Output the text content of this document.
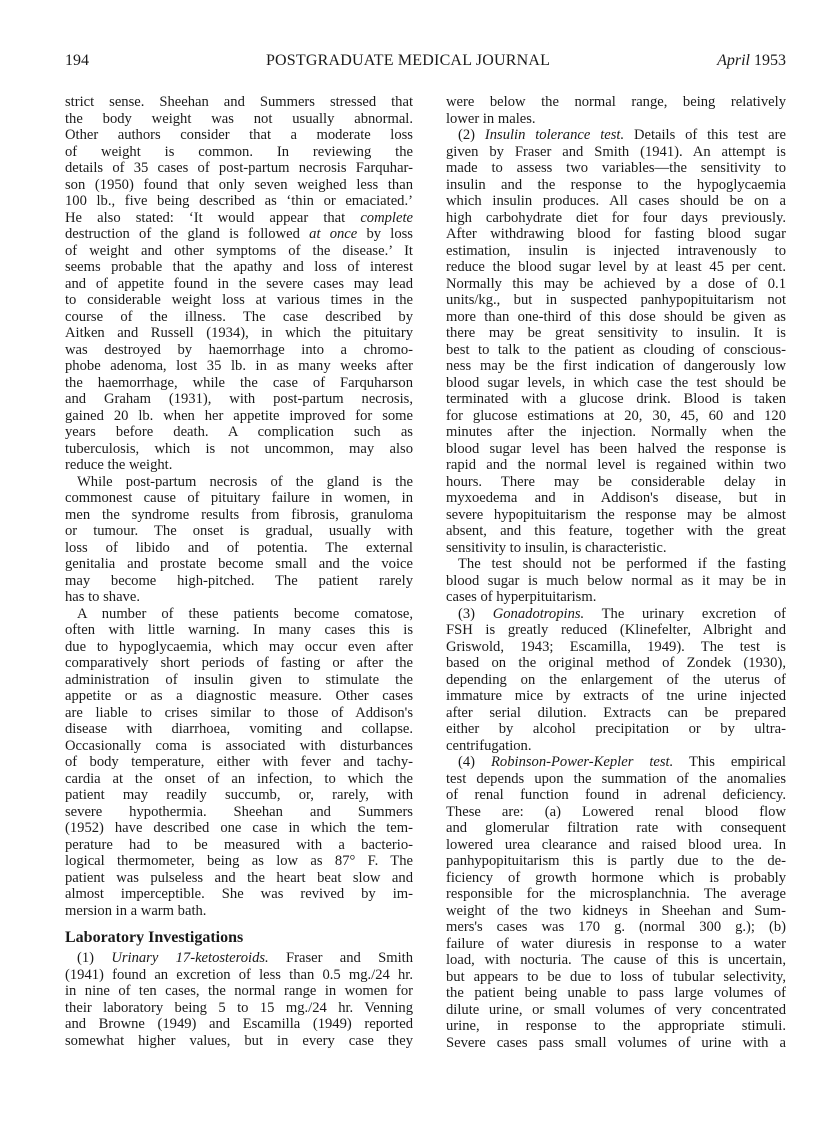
194	POSTGRADUATE MEDICAL JOURNAL	April 1953
strict sense. Sheehan and Summers stressed that
the body weight was not usually abnormal.
Other authors consider that a moderate loss
of weight is common. In reviewing the
details of 35 cases of post-partum necrosis Farquhar-
son (1950) found that only seven weighed less than
100 lb., five being described as ‘thin or emaciated.’
He also stated: ‘It would appear that complete
destruction of the gland is followed at once by loss
of weight and other symptoms of the disease.’ It
seems probable that the apathy and loss of interest
and of appetite found in the severe cases may lead
to considerable weight loss at various times in the
course of the illness. The case described by
Aitken and Russell (1934), in which the pituitary
was destroyed by haemorrhage into a chromo-
phobe adenoma, lost 35 lb. in as many weeks after
the haemorrhage, while the case of Farquharson
and Graham (1931), with post-partum necrosis,
gained 20 lb. when her appetite improved for some
years before death. A complication such as
tuberculosis, which is not uncommon, may also
reduce the weight.
While post-partum necrosis of the gland is the
commonest cause of pituitary failure in women, in
men the syndrome results from fibrosis, granuloma
or tumour. The onset is gradual, usually with
loss of libido and of potentia. The external
genitalia and prostate become small and the voice
may become high-pitched. The patient rarely
has to shave.
A number of these patients become comatose,
often with little warning. In many cases this is
due to hypoglycaemia, which may occur even after
comparatively short periods of fasting or after the
administration of insulin given to stimulate the
appetite or as a diagnostic measure. Other cases
are liable to crises similar to those of Addison's
disease with diarrhoea, vomiting and collapse.
Occasionally coma is associated with disturbances
of body temperature, either with fever and tachy-
cardia at the onset of an infection, to which the
patient may readily succumb, or, rarely, with
severe hypothermia. Sheehan and Summers
(1952) have described one case in which the tem-
perature had to be measured with a bacterio-
logical thermometer, being as low as 87° F. The
patient was pulseless and the heart beat slow and
almost imperceptible. She was revived by im-
mersion in a warm bath.
Laboratory Investigations
(1) Urinary 17-ketosteroids. Fraser and Smith
(1941) found an excretion of less than 0.5 mg./24 hr.
in nine of ten cases, the normal range in women for
their laboratory being 5 to 15 mg./24 hr. Venning
and Browne (1949) and Escamilla (1949) reported
somewhat higher values, but in every case they
were below the normal range, being relatively
lower in males.
(2) Insulin tolerance test. Details of this test are
given by Fraser and Smith (1941). An attempt is
made to assess two variables—the sensitivity to
insulin and the response to the hypoglycaemia
which insulin produces. All cases should be on a
high carbohydrate diet for four days previously.
After withdrawing blood for fasting blood sugar
estimation, insulin is injected intravenously to
reduce the blood sugar level by at least 45 per cent.
Normally this may be achieved by a dose of 0.1
units/kg., but in suspected panhypopituitarism not
more than one-third of this dose should be given as
there may be great sensitivity to insulin. It is
best to talk to the patient as clouding of conscious-
ness may be the first indication of dangerously low
blood sugar levels, in which case the test should be
terminated with a glucose drink. Blood is taken
for glucose estimations at 20, 30, 45, 60 and 120
minutes after the injection. Normally when the
blood sugar level has been halved the response is
rapid and the normal level is regained within two
hours. There may be considerable delay in
myxoedema and in Addison's disease, but in
severe hypopituitarism the response may be almost
absent, and this feature, together with the great
sensitivity to insulin, is characteristic.
The test should not be performed if the fasting
blood sugar is much below normal as it may be in
cases of hyperpituitarism.
(3) Gonadotropins. The urinary excretion of
FSH is greatly reduced (Klinefelter, Albright and
Griswold, 1943; Escamilla, 1949). The test is
based on the original method of Zondek (1930),
depending on the enlargement of the uterus of
immature mice by extracts of tne urine injected
after serial dilution. Extracts can be prepared
either by alcohol precipitation or by ultra-
centrifugation.
(4) Robinson-Power-Kepler test. This empirical
test depends upon the summation of the anomalies
of renal function found in adrenal deficiency.
These are: (a) Lowered renal blood flow
and glomerular filtration rate with consequent
lowered urea clearance and raised blood urea. In
panhypopituitarism this is partly due to the de-
ficiency of growth hormone which is probably
responsible for the microsplanchnia. The average
weight of the two kidneys in Sheehan and Sum-
mers's cases was 170 g. (normal 300 g.); (b)
failure of water diuresis in response to a water
load, with nocturia. The cause of this is uncertain,
but appears to be due to loss of tubular selectivity,
the patient being unable to pass large volumes of
dilute urine, or small volumes of very concentrated
urine, in response to the appropriate stimuli.
Severe cases pass small volumes of urine with a
